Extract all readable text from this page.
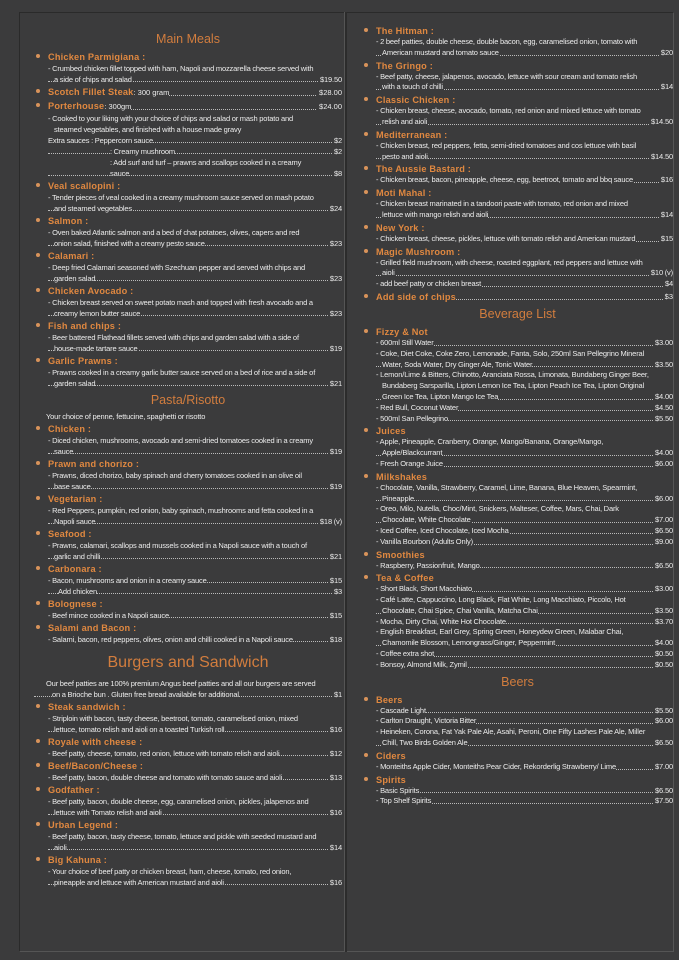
Main Meals
Chicken Parmigiana :
- Crumbed chicken fillet topped with ham, Napoli and mozzarella cheese served with a side of chips and salad	$19.50
Scotch Fillet Steak: 300 gram	$28.00
Porterhouse: 300gm	$24.00
- Cooked to your liking with your choice of chips and salad or mash potato and steamed vegetables, and finished with a house made gravy
Extra sauces : Peppercorn sauce	$2
: Creamy mushroom	$2
: Add surf and turf – prawns and scallops cooked in a creamy sauce	$8
Veal scallopini :
- Tender pieces of veal cooked in a creamy mushroom sauce served on mash potato and steamed vegetables	$24
Salmon :
- Oven baked Atlantic salmon and a bed of chat potatoes, olives, capers and red onion salad, finished with a creamy pesto sauce	$23
Calamari :
- Deep fried Calamari seasoned with Szechuan pepper and served with chips and garden salad	$23
Chicken Avocado :
- Chicken breast served on sweet potato mash and topped with fresh avocado and a creamy lemon butter sauce	$23
Fish and chips :
- Beer battered Flathead fillets served with chips and garden salad with a side of house-made tartare sauce	$19
Garlic Prawns :
- Prawns cooked in a creamy garlic butter sauce served on a bed of rice and a side of garden salad	$21
Pasta/Risotto
Your choice of penne, fettucine, spaghetti or risotto
Chicken :
- Diced chicken, mushrooms, avocado and semi-dried tomatoes cooked in a creamy sauce	$19
Prawn and chorizo :
- Prawns, diced chorizo, baby spinach and cherry tomatoes cooked in an olive oil base sauce	$19
Vegetarian :
- Red Peppers, pumpkin, red onion, baby spinach, mushrooms and fetta cooked in a Napoli sauce	$18 (v)
Seafood :
- Prawns, calamari, scallops and mussels cooked in a Napoli sauce with a touch of garlic and chilli	$21
Carbonara :
- Bacon, mushrooms and onion in a creamy sauce	$15
Add chicken	$3
Bolognese :
- Beef mince cooked in a Napoli sauce	$15
Salami and Bacon :
- Salami, bacon, red peppers, olives, onion and chilli cooked in a Napoli sauce	$18
Burgers and Sandwich
Our beef patties are 100% premium Angus beef patties and all our burgers are served on a Brioche bun . Gluten free bread available for additional	$1
Steak sandwich :
- Striploin with bacon, tasty cheese, beetroot, tomato, caramelised onion, mixed lettuce, tomato relish and aioli on a toasted Turkish roll	$16
Royale with cheese :
- Beef patty, cheese, tomato, red onion, lettuce with tomato relish and aioli	$12
Beef/Bacon/Cheese :
- Beef patty, bacon, double cheese and tomato with tomato sauce and aioli	$13
Godfather :
- Beef patty, bacon, double cheese, egg, caramelised onion, pickles, jalapenos and lettuce with Tomato relish and aioli	$16
Urban Legend :
- Beef patty, bacon, tasty cheese, tomato, lettuce and pickle with seeded mustard and aioli	$14
Big Kahuna :
- Your choice of beef patty or chicken breast, ham, cheese, tomato, red onion, pineapple and lettuce with American mustard and aioli	$16
The Hitman :
- 2 beef patties, double cheese, double bacon, egg, caramelised onion, tomato with American mustard and tomato sauce	$20
The Gringo :
- Beef patty, cheese, jalapenos, avocado, lettuce with sour cream and tomato relish with a touch of chilli	$14
Classic Chicken :
- Chicken breast, cheese, avocado, tomato, red onion and mixed lettuce with tomato relish and aioli	$14.50
Mediterranean :
- Chicken breast, red peppers, fetta, semi-dried tomatoes and cos lettuce with basil pesto and aioli	$14.50
The Aussie Bastard :
- Chicken breast, bacon, pineapple, cheese, egg, beetroot, tomato and bbq sauce	$16
Moti Mahal :
- Chicken breast marinated in a tandoori paste with tomato, red onion and mixed lettuce with mango relish and aioli	$14
New York :
- Chicken breast, cheese, pickles, lettuce with tomato relish and American mustard	$15
Magic Mushroom :
- Grilled field mushroom, with cheese, roasted eggplant, red peppers and lettuce with aioli	$10 (v)
- add beef patty or chicken breast	$4
Add side of chips	$3
Beverage List
Fizzy & Not
- 600ml Still Water	$3.00
- Coke, Diet Coke, Coke Zero, Lemonade, Fanta, Solo, 250ml San Pellegrino Mineral Water, Soda Water, Dry Ginger Ale, Tonic Water	$3.50
- Lemon/Lime & Bitters, Chinotto, Aranciata Rossa, Limonata, Bundaberg Ginger Beer, Bundaberg Sarsparilla, Lipton Lemon Ice Tea, Lipton Peach Ice Tea, Lipton Original Green Ice Tea, Lipton Mango Ice Tea	$4.00
- Red Bull, Coconut Water	$4.50
- 500ml San Pellegrino	$5.50
Juices
- Apple, Pineapple, Cranberry, Orange, Mango/Banana, Orange/Mango, Apple/Blackcurrant	$4.00
- Fresh Orange Juice	$6.00
Milkshakes
- Chocolate, Vanilla, Strawberry, Caramel, Lime, Banana, Blue Heaven, Spearmint, Pineapple	$6.00
- Oreo, Milo, Nutella, Choc/Mint, Snickers, Malteser, Coffee, Mars, Chai, Dark Chocolate, White Chocolate	$7.00
- Iced Coffee, Iced Chocolate, Iced Mocha	$6.50
- Vanilla Bourbon (Adults Only)	$9.00
Smoothies
- Raspberry, Passionfruit, Mango	$6.50
Tea & Coffee
- Short Black, Short Macchiato	$3.00
- Café Latte, Cappuccino, Long Black, Flat White, Long Macchiato, Piccolo, Hot Chocolate, Chai Spice, Chai Vanilla, Matcha Chai	$3.50
- Mocha, Dirty Chai, White Hot Chocolate	$3.70
- English Breakfast, Earl Grey, Spring Green, Honeydew Green, Malabar Chai, Chamomile Blossom, Lemongrass/Ginger, Peppermint	$4.00
- Coffee extra shot	$0.50
- Bonsoy, Almond Milk, Zymil	$0.50
Beers
Beers
- Cascade Light	$5.50
- Carlton Draught, Victoria Bitter	$6.00
- Heineken, Corona, Fat Yak Pale Ale, Asahi, Peroni, One Fifty Lashes Pale Ale, Miller Chill, Two Birds Golden Ale	$6.50
Ciders
- Monteiths Apple Cider, Monteiths Pear Cider, Rekorderlig Strawberry/ Lime	$7.00
Spirits
- Basic Spirits	$6.50
- Top Shelf Spirits	$7.50
